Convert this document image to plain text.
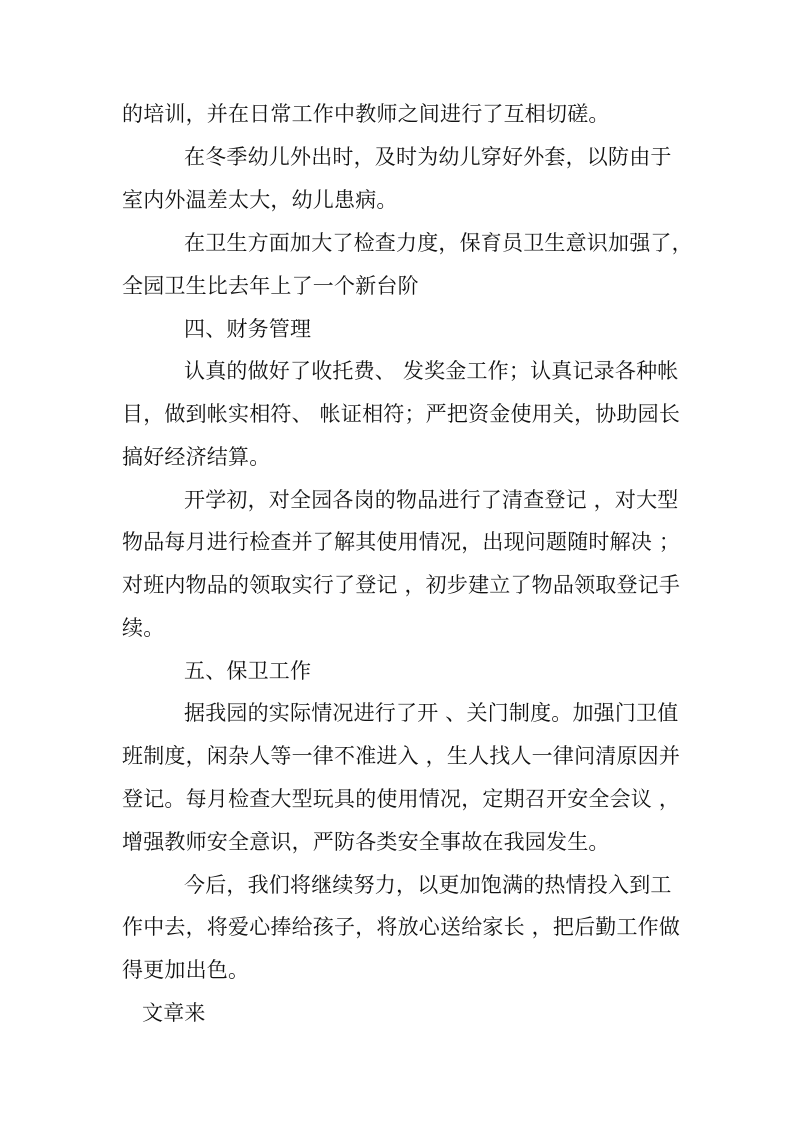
的培训，并在日常工作中教师之间进行了互相切磋。
在冬季幼儿外出时，及时为幼儿穿好外套，以防由于
室内外温差太大，幼儿患病。
在卫生方面加大了检查力度，保育员卫生意识加强了，
全园卫生比去年上了一个新台阶
四、财务管理
认真的做好了收托费、 发奖金工作；认真记录各种帐
目，做到帐实相符、 帐证相符；严把资金使用关，协助园长
搞好经济结算。
开学初，对全园各岗的物品进行了清查登记 ，对大型
物品每月进行检查并了解其使用情况，出现问题随时解决 ；
对班内物品的领取实行了登记 ，初步建立了物品领取登记手
续。
五、保卫工作
据我园的实际情况进行了开 、关门制度。加强门卫值
班制度，闲杂人等一律不准进入 ，生人找人一律问清原因并
登记。每月检查大型玩具的使用情况，定期召开安全会议 ，
增强教师安全意识，严防各类安全事故在我园发生。
今后，我们将继续努力，以更加饱满的热情投入到工
作中去，将爱心捧给孩子，将放心送给家长 ，把后勤工作做
得更加出色。
文章来
